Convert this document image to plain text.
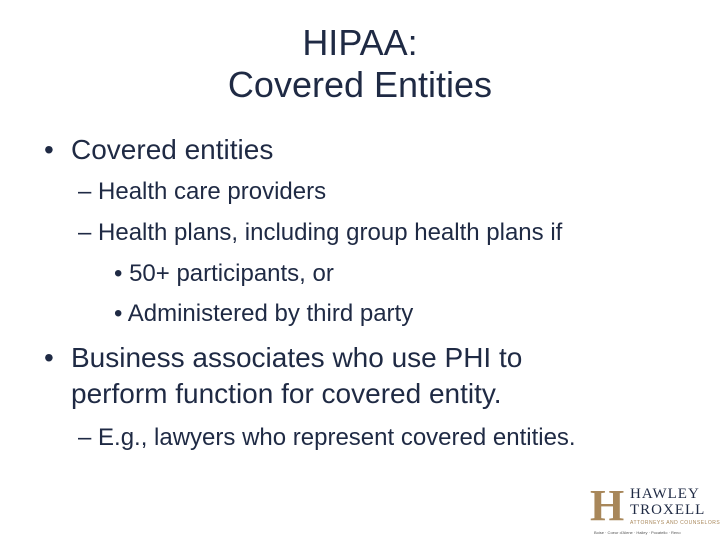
HIPAA:
Covered Entities
• Covered entities
– Health care providers
– Health plans, including group health plans if
• 50+ participants, or
• Administered by third party
• Business associates who use PHI to
perform function for covered entity.
– E.g., lawyers who represent covered entities.
H HAWLEY
TROXELL
ATTORNEYS AND COUNSELORS
Boise · Coeur d'Alene · Hailey · Pocatello · Reno
